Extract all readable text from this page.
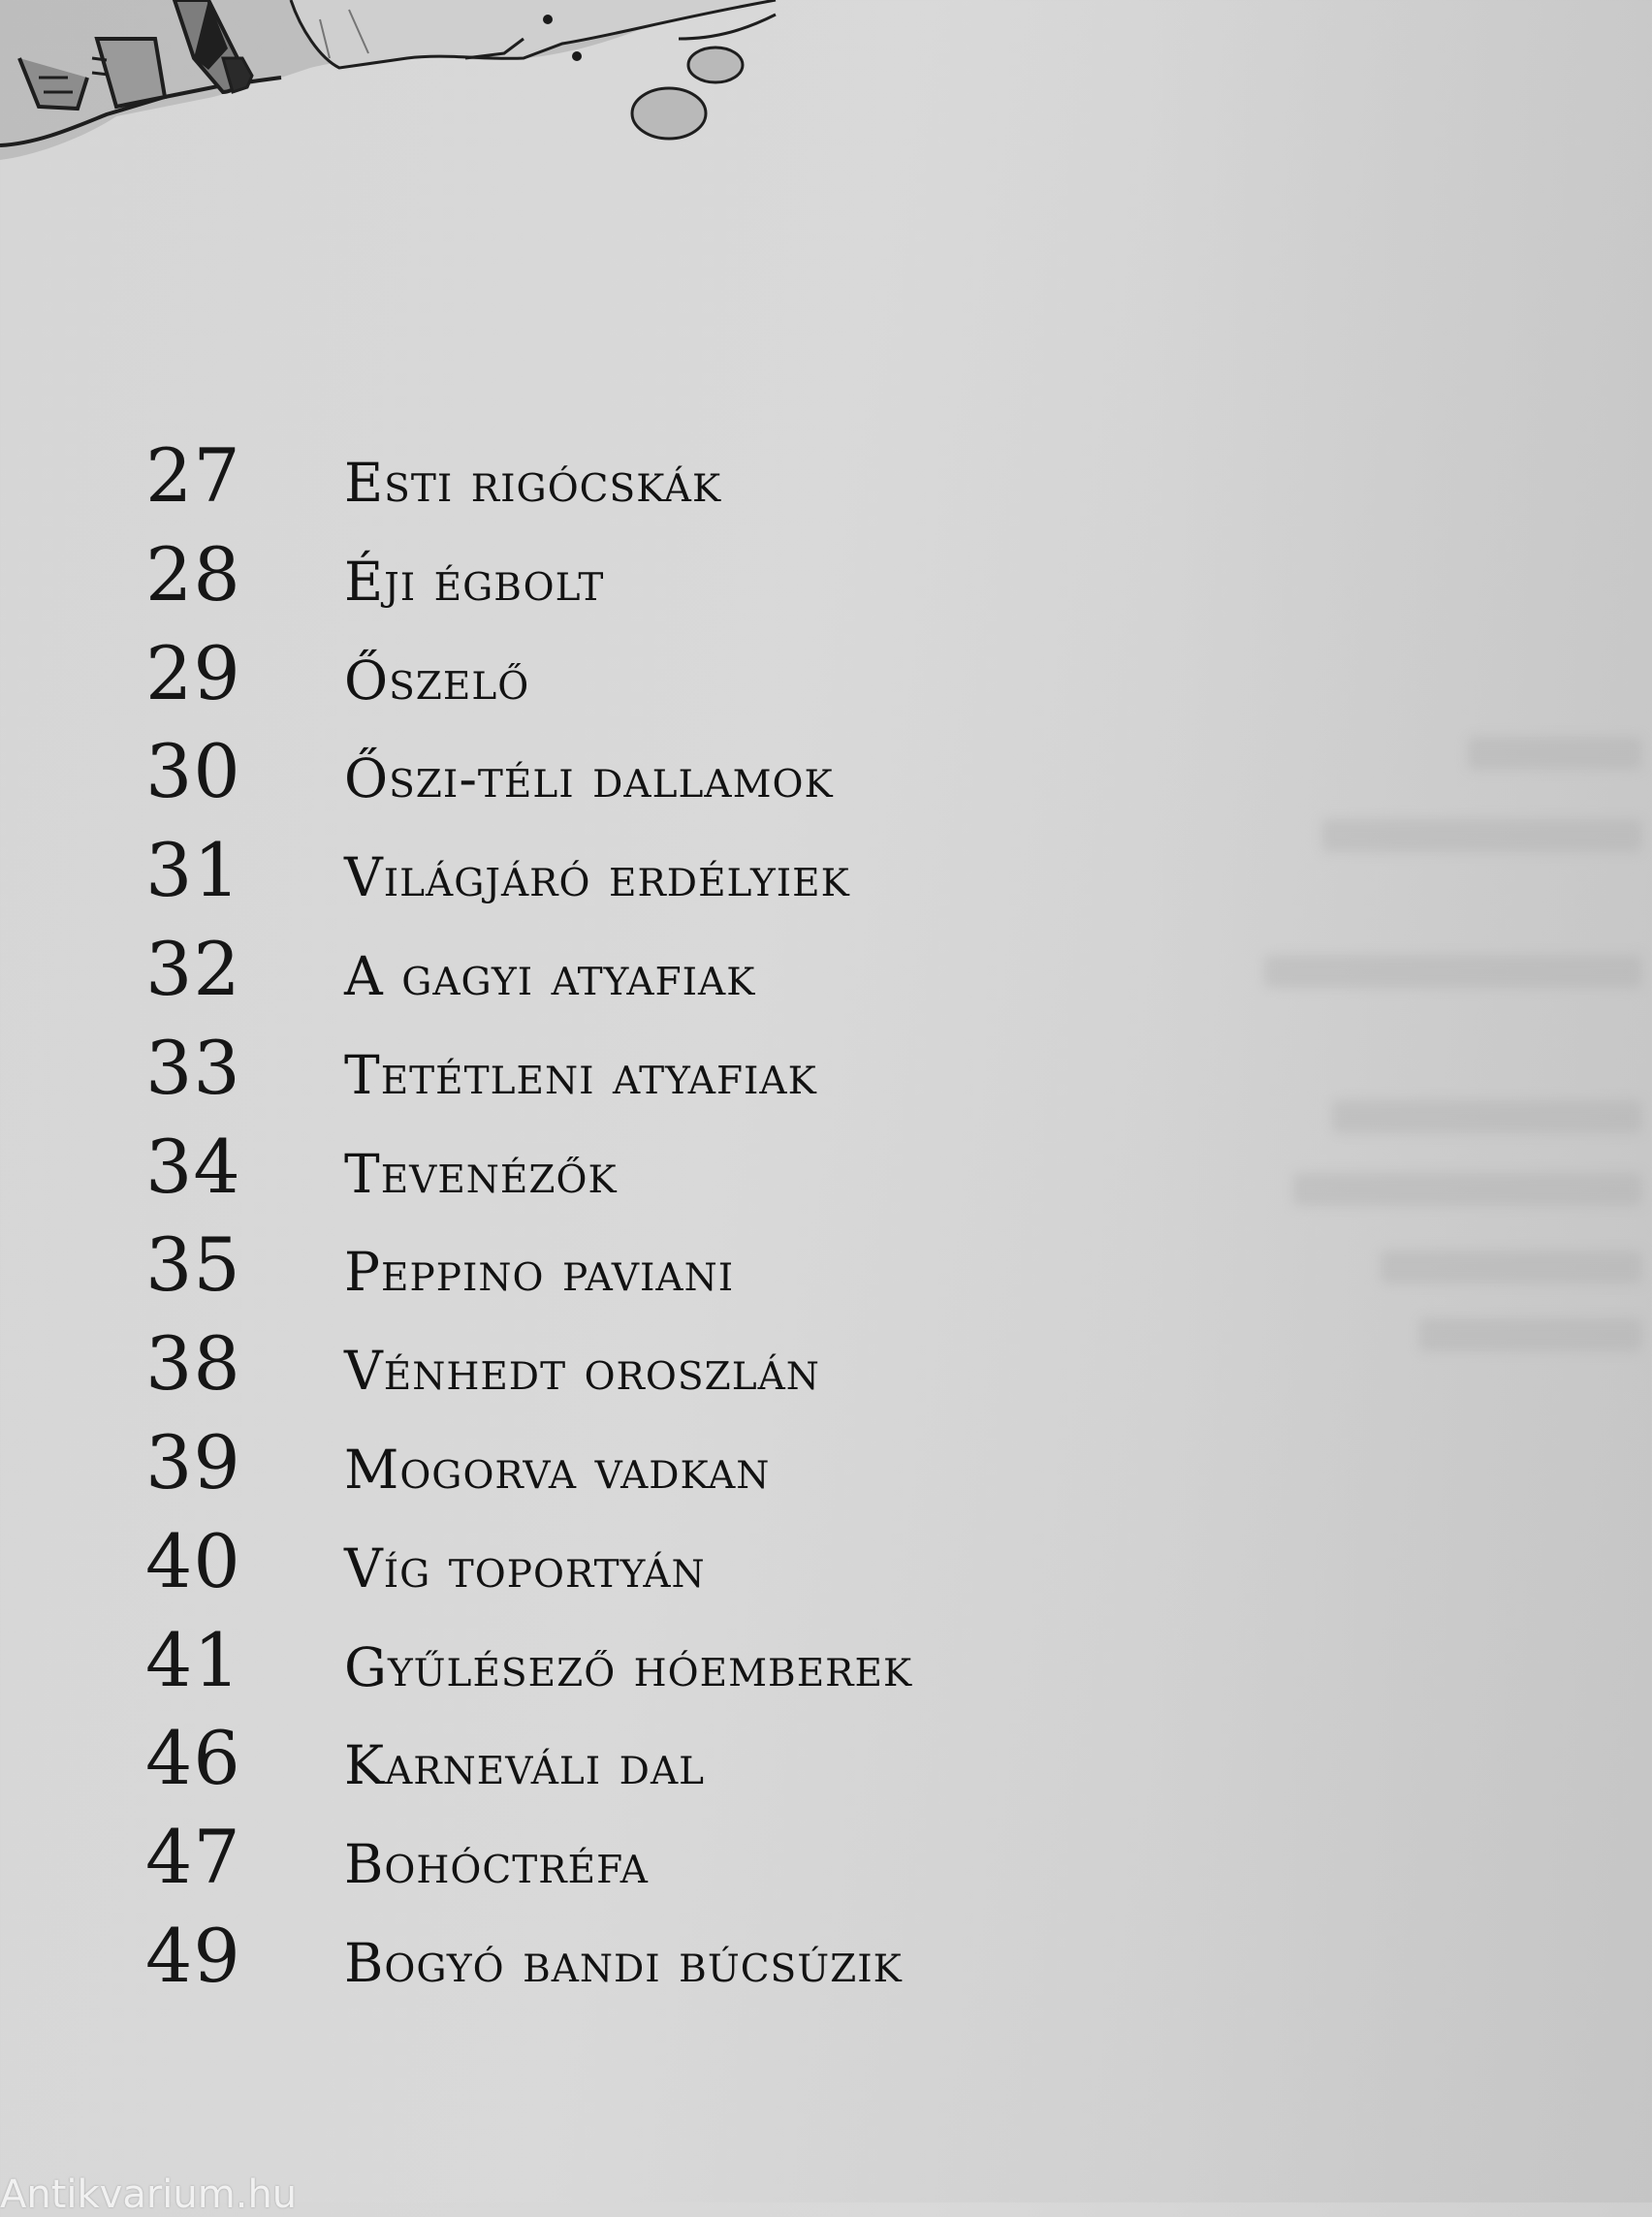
27	esti rigócskák
28	éji égbolt
29	őszelő
30	őszi-téli dallamok
31	világjáró erdélyiek
32	a gagyi atyafiak
33	tetétleni atyafiak
34	tevenézők
35	peppino paviani
38	vénhedt oroszlán
39	mogorva vadkan
40	víg toportyán
41	gyűlésező hóemberek
46	karneváli dal
47	bohóctréfa
49	bogyó bandi búcsúzik
Antikvarium.hu
